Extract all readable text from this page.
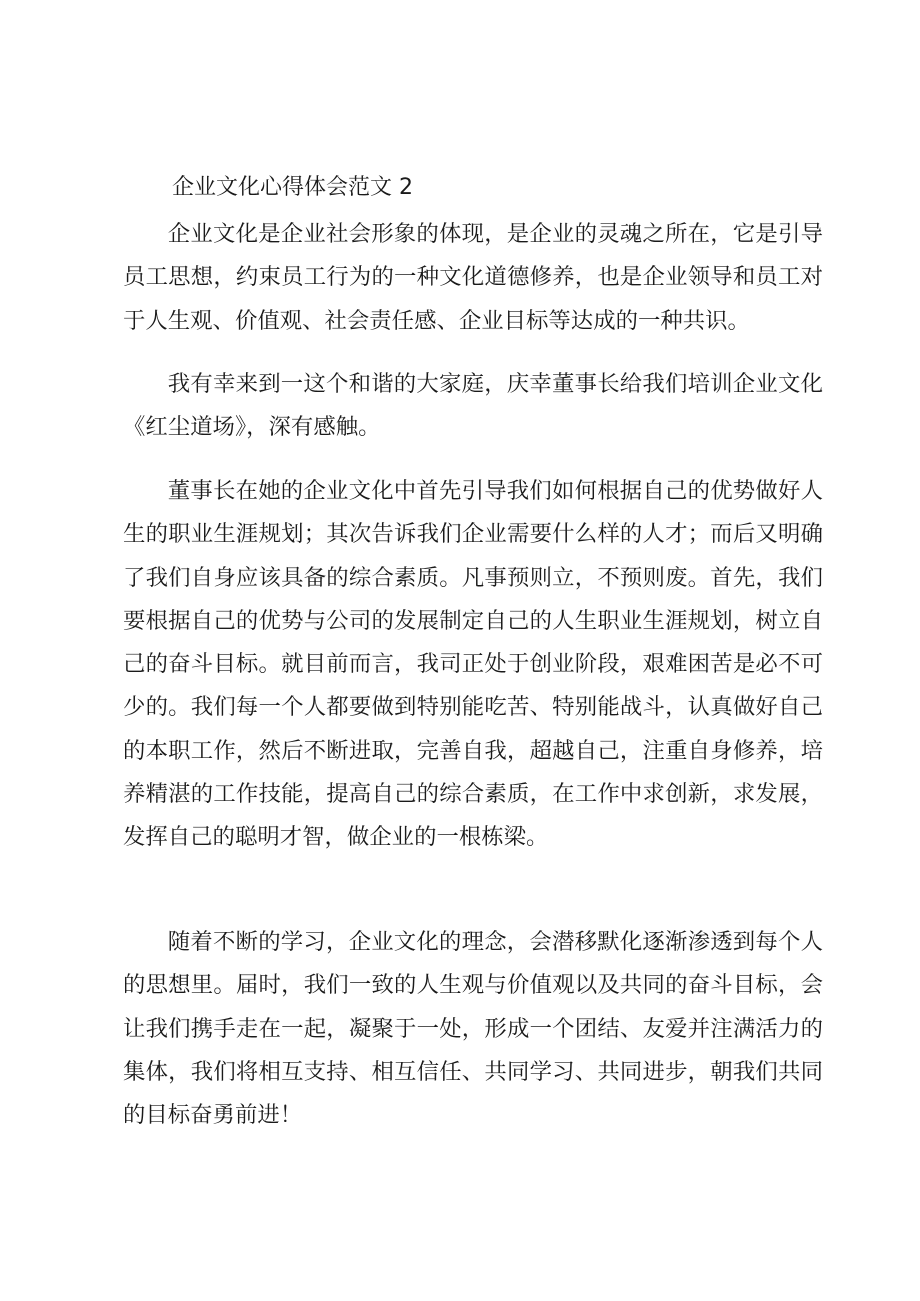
企业文化心得体会范文 2

企业文化是企业社会形象的体现，是企业的灵魂之所在，它是引导员工思想，约束员工行为的一种文化道德修养，也是企业领导和员工对于人生观、价值观、社会责任感、企业目标等达成的一种共识。

我有幸来到一这个和谐的大家庭，庆幸董事长给我们培训企业文化《红尘道场》，深有感触。

董事长在她的企业文化中首先引导我们如何根据自己的优势做好人生的职业生涯规划；其次告诉我们企业需要什么样的人才；而后又明确了我们自身应该具备的综合素质。凡事预则立，不预则废。首先，我们要根据自己的优势与公司的发展制定自己的人生职业生涯规划，树立自己的奋斗目标。就目前而言，我司正处于创业阶段，艰难困苦是必不可少的。我们每一个人都要做到特别能吃苦、特别能战斗，认真做好自己的本职工作，然后不断进取，完善自我，超越自己，注重自身修养，培养精湛的工作技能，提高自己的综合素质，在工作中求创新，求发展，发挥自己的聪明才智，做企业的一根栋梁。

随着不断的学习，企业文化的理念，会潜移默化逐渐渗透到每个人的思想里。届时，我们一致的人生观与价值观以及共同的奋斗目标，会让我们携手走在一起，凝聚于一处，形成一个团结、友爱并注满活力的集体，我们将相互支持、相互信任、共同学习、共同进步，朝我们共同的目标奋勇前进！
